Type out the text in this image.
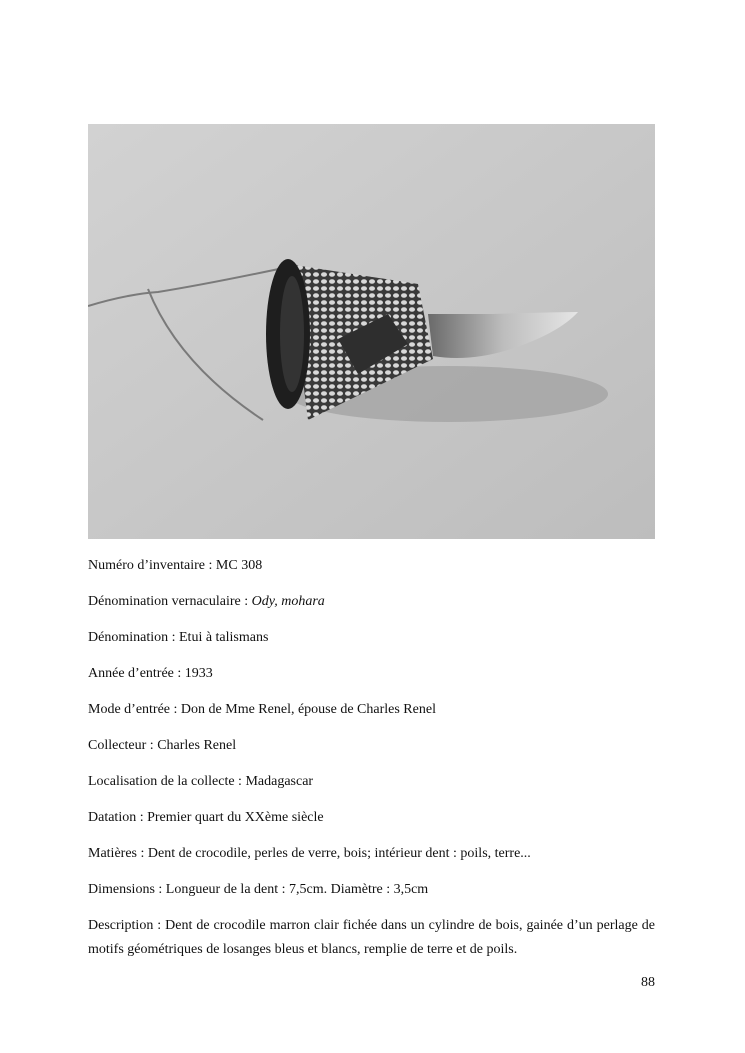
Numéro d’inventaire : MC 308
Dénomination vernaculaire : Ody, mohara
Dénomination : Etui à talismans
Année d’entrée : 1933
Mode d’entrée : Don de Mme Renel, épouse de Charles Renel
Collecteur : Charles Renel
Localisation de la collecte : Madagascar
Datation : Premier quart du XXème siècle
Matières : Dent de crocodile, perles de verre, bois; intérieur dent : poils, terre...
Dimensions : Longueur de la dent : 7,5cm. Diamètre : 3,5cm
Description : Dent de crocodile marron clair fichée dans un cylindre de bois, gainée d’un perlage de motifs géométriques de losanges bleus et blancs, remplie de terre et de poils.
88
